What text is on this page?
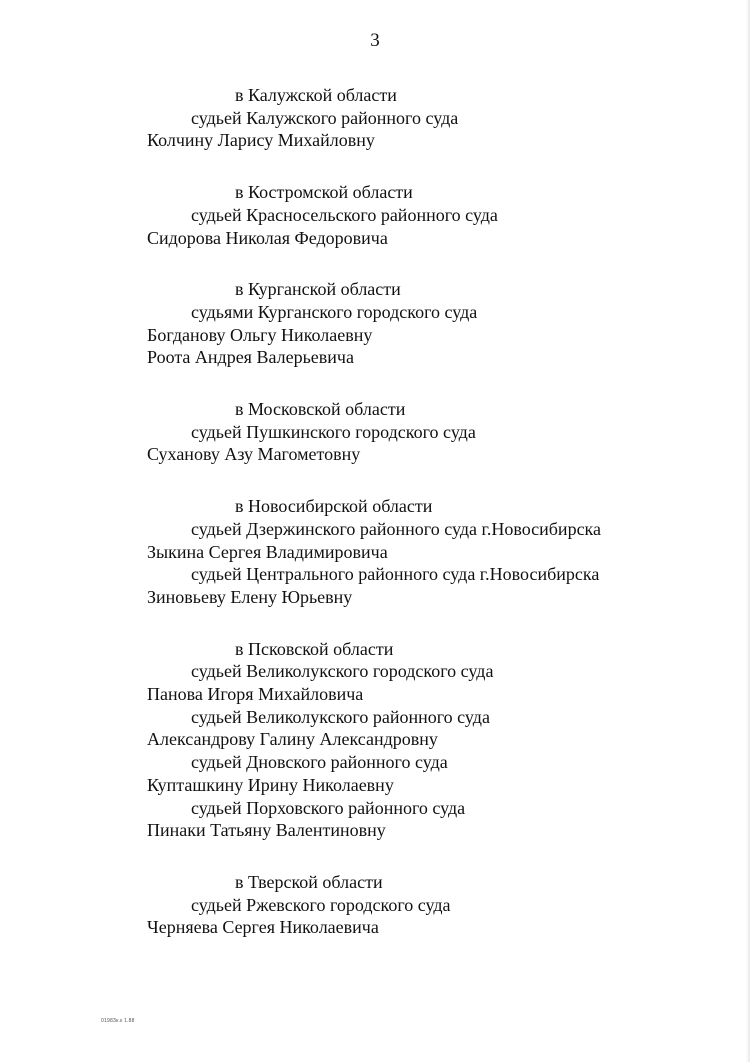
3
в Калужской области
судьей Калужского районного суда
Колчину Ларису Михайловну
в Костромской области
судьей Красносельского районного суда
Сидорова Николая Федоровича
в Курганской области
судьями Курганского городского суда
Богданову Ольгу Николаевну
Роота Андрея Валерьевича
в Московской области
судьей Пушкинского городского суда
Суханову Азу Магометовну
в Новосибирской области
судьей Дзержинского районного суда г.Новосибирска
Зыкина Сергея Владимировича
судьей Центрального районного суда г.Новосибирска
Зиновьеву Елену Юрьевну
в Псковской области
судьей Великолукского городского суда
Панова Игоря Михайловича
судьей Великолукского районного суда
Александрову Галину Александровну
судьей Дновского районного суда
Купташкину Ирину Николаевну
судьей Порховского районного суда
Пинаки Татьяну Валентиновну
в Тверской области
судьей Ржевского городского суда
Черняева Сергея Николаевича
0198Зк.к 1.88
